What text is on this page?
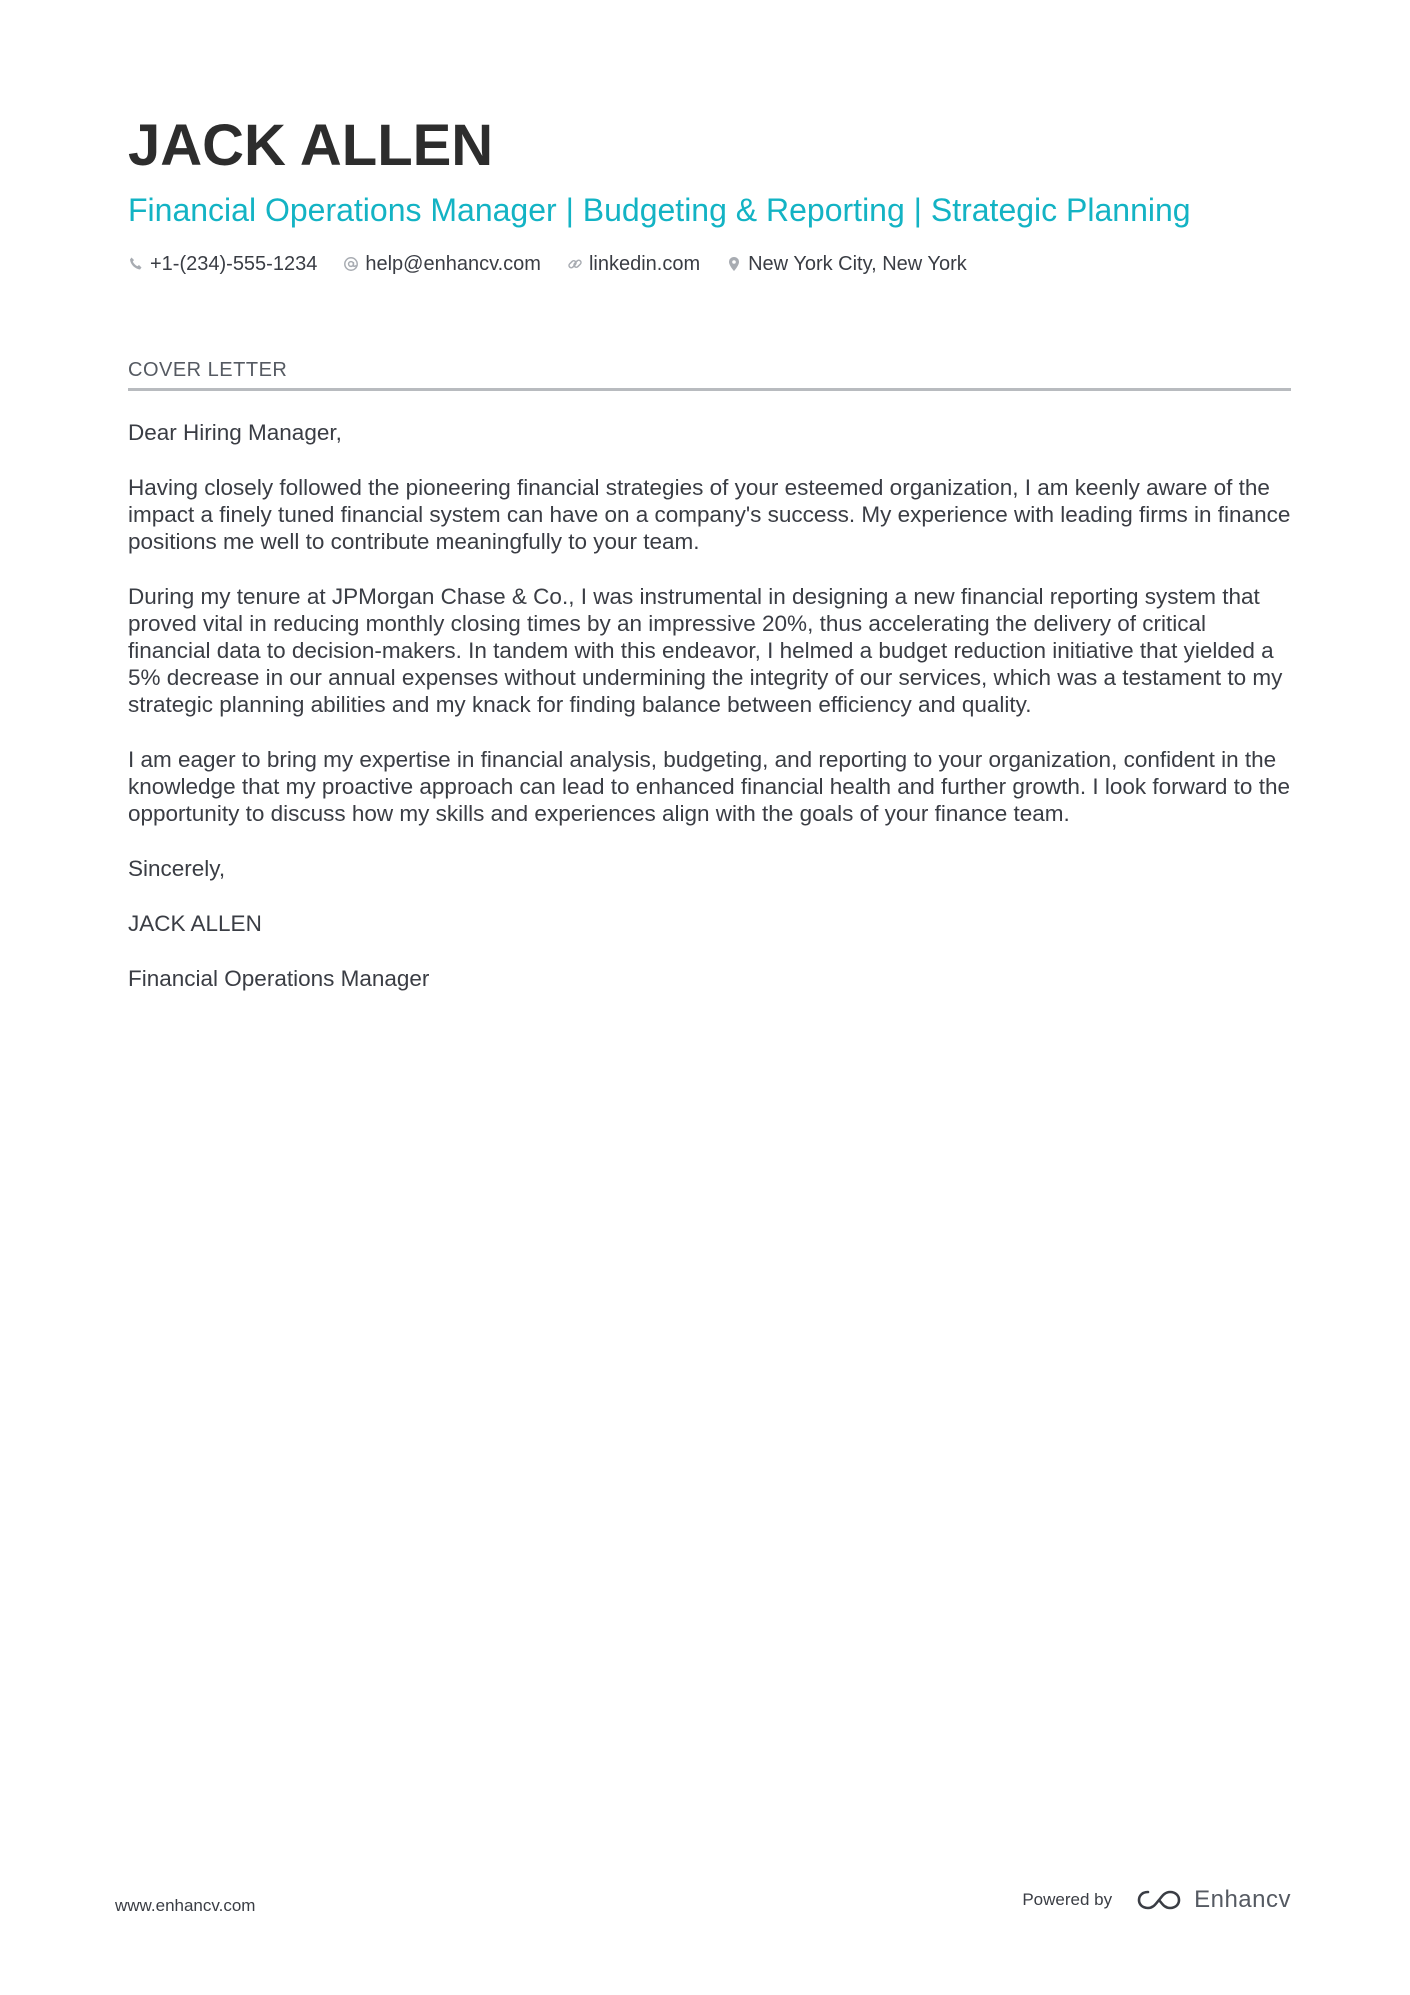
JACK ALLEN
Financial Operations Manager | Budgeting & Reporting | Strategic Planning
+1-(234)-555-1234 help@enhancv.com linkedin.com New York City, New York
COVER LETTER

Dear Hiring Manager,

Having closely followed the pioneering financial strategies of your esteemed organization, I am keenly aware of the impact a finely tuned financial system can have on a company's success. My experience with leading firms in finance positions me well to contribute meaningfully to your team.

During my tenure at JPMorgan Chase & Co., I was instrumental in designing a new financial reporting system that proved vital in reducing monthly closing times by an impressive 20%, thus accelerating the delivery of critical financial data to decision-makers. In tandem with this endeavor, I helmed a budget reduction initiative that yielded a 5% decrease in our annual expenses without undermining the integrity of our services, which was a testament to my strategic planning abilities and my knack for finding balance between efficiency and quality.

I am eager to bring my expertise in financial analysis, budgeting, and reporting to your organization, confident in the knowledge that my proactive approach can lead to enhanced financial health and further growth. I look forward to the opportunity to discuss how my skills and experiences align with the goals of your finance team.

Sincerely,

JACK ALLEN

Financial Operations Manager

www.enhancv.com	Powered by	Enhancv
